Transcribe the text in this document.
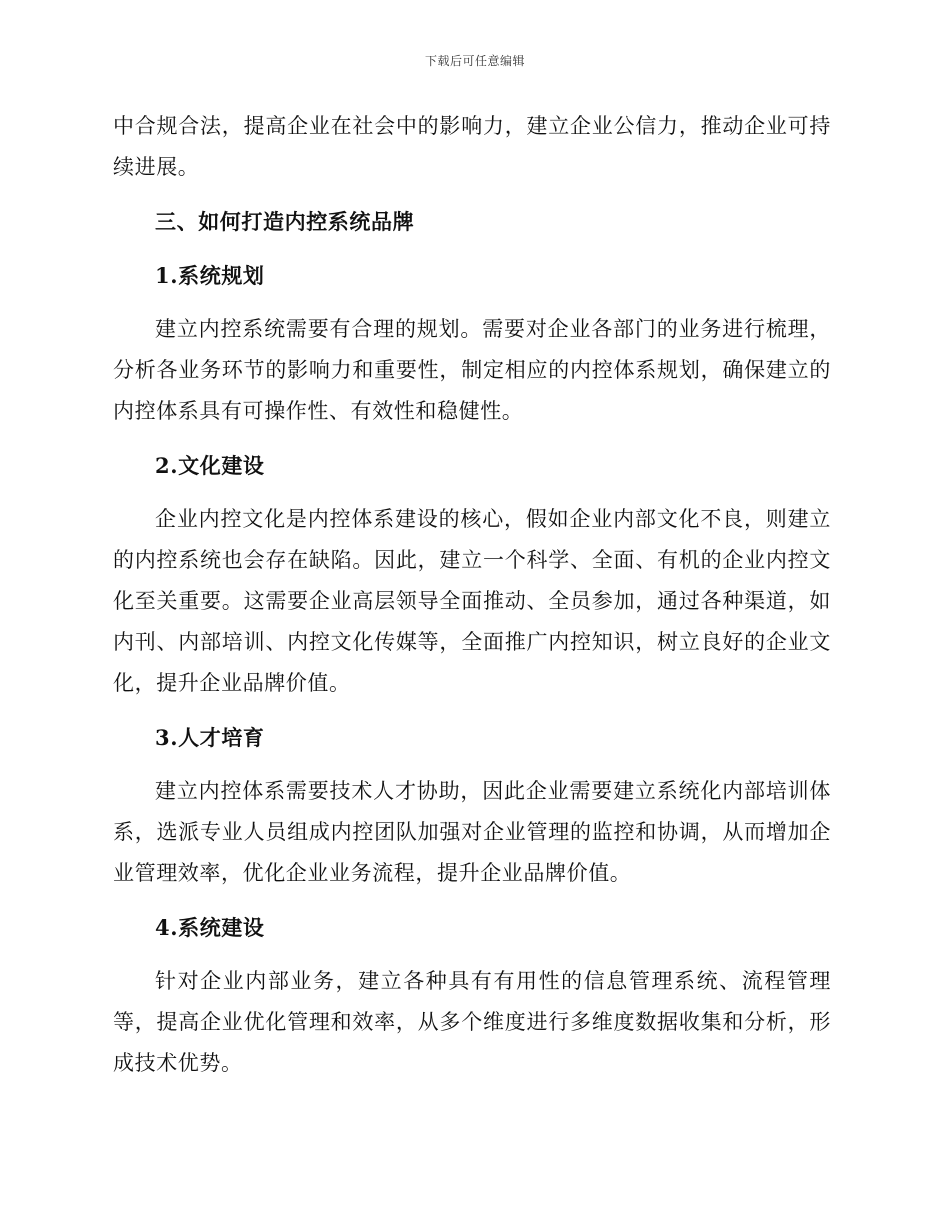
下载后可任意编辑

中合规合法，提高企业在社会中的影响力，建立企业公信力，推动企业可持续进展。

三、如何打造内控系统品牌
1.系统规划

建立内控系统需要有合理的规划。需要对企业各部门的业务进行梳理，分析各业务环节的影响力和重要性，制定相应的内控体系规划，确保建立的内控体系具有可操作性、有效性和稳健性。

2.文化建设

企业内控文化是内控体系建设的核心，假如企业内部文化不良，则建立的内控系统也会存在缺陷。因此，建立一个科学、全面、有机的企业内控文化至关重要。这需要企业高层领导全面推动、全员参加，通过各种渠道，如内刊、内部培训、内控文化传媒等，全面推广内控知识，树立良好的企业文化，提升企业品牌价值。

3.人才培育

建立内控体系需要技术人才协助，因此企业需要建立系统化内部培训体系，选派专业人员组成内控团队加强对企业管理的监控和协调，从而增加企业管理效率，优化企业业务流程，提升企业品牌价值。

4.系统建设

针对企业内部业务，建立各种具有有用性的信息管理系统、流程管理等，提高企业优化管理和效率，从多个维度进行多维度数据收集和分析，形成技术优势。
